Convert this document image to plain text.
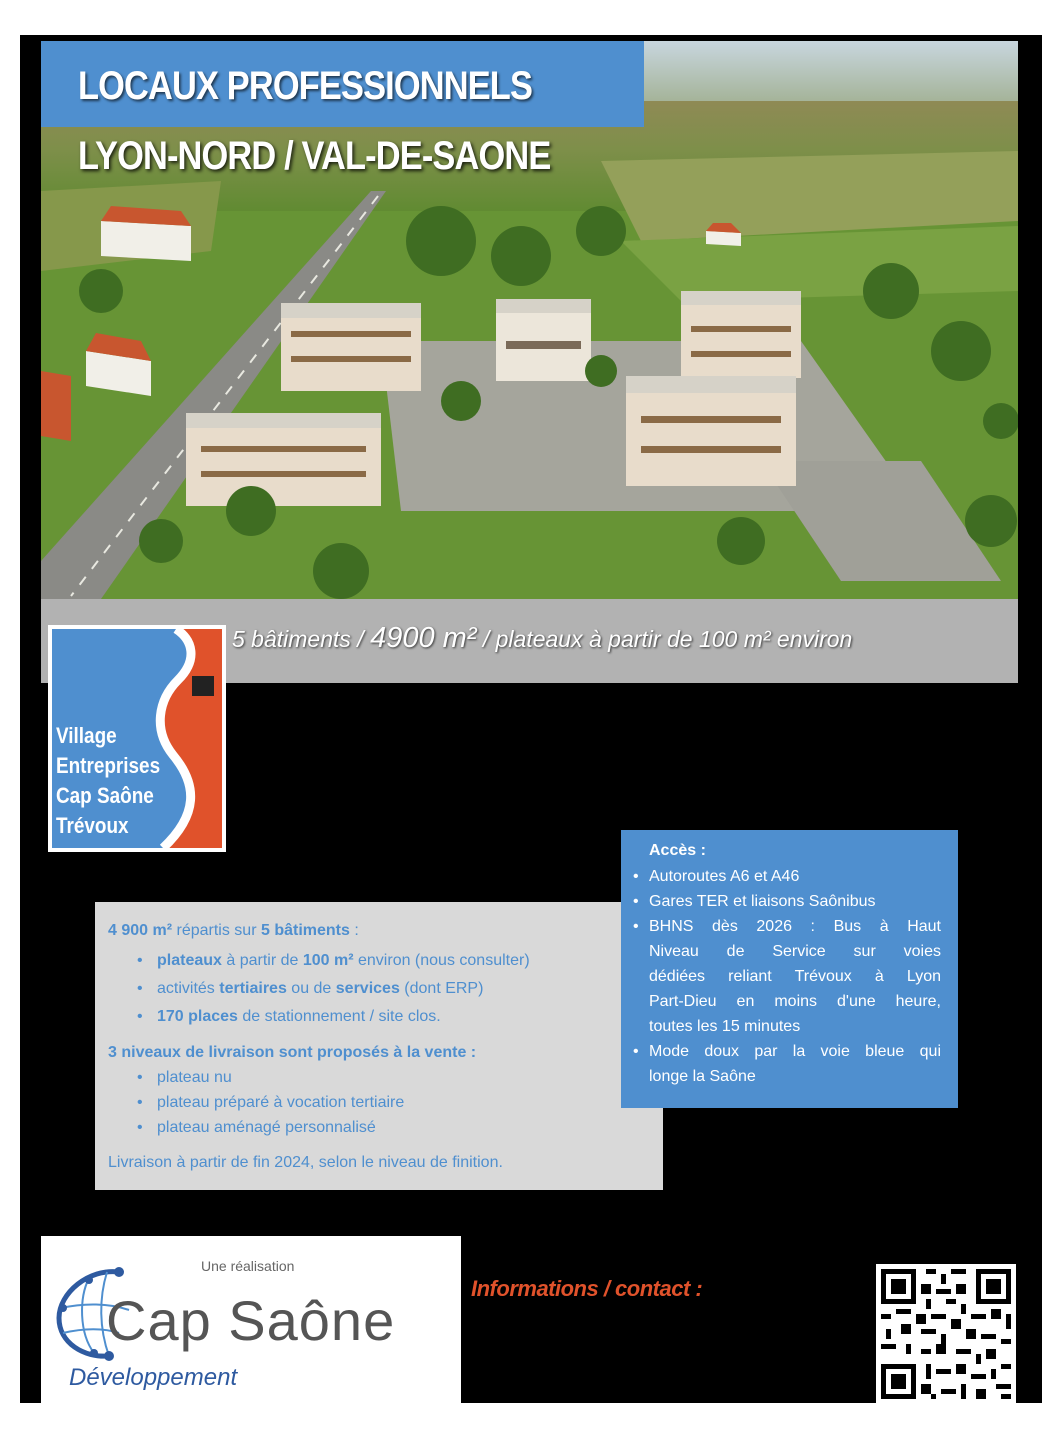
LOCAUX PROFESSIONNELS
LYON-NORD / VAL-DE-SAONE
5 bâtiments / 4900 m² / plateaux à partir de 100 m² environ
Village
Entreprises
Cap Saône
Trévoux
4 900 m² répartis sur 5 bâtiments :
• plateaux à partir de 100 m² environ (nous consulter)
• activités tertiaires ou de services (dont ERP)
• 170 places de stationnement / site clos.
3 niveaux de livraison sont proposés à la vente :
• plateau nu
• plateau préparé à vocation tertiaire
• plateau aménagé personnalisé
Livraison à partir de fin 2024, selon le niveau de finition.
Accès :
• Autoroutes A6 et A46
• Gares TER et liaisons Saônibus
• BHNS dès 2026 : Bus à Haut
Niveau de Service sur voies
dédiées reliant Trévoux à Lyon
Part-Dieu en moins d'une heure,
toutes les 15 minutes
• Mode doux par la voie bleue qui
longe la Saône
Une réalisation
Cap Saône
Développement
Informations / contact :
